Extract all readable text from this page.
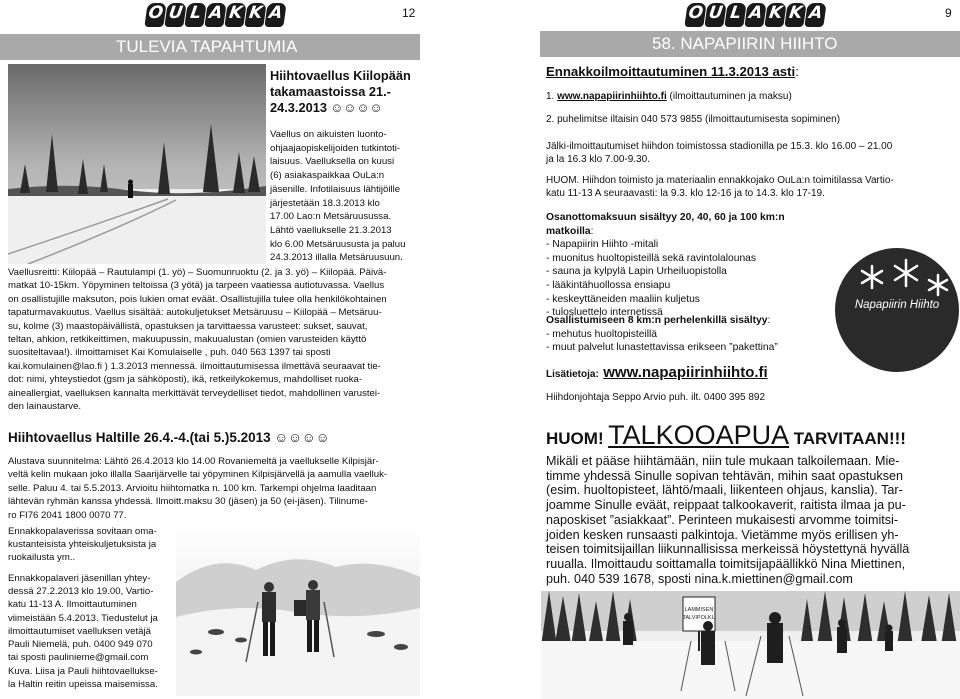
O U L A K K A	12
TULEVIA TAPAHTUMIA

Hiihtovaellus Kiilopään

takamaastoissa 21.-

24.3.2013 ☺☺☺☺

Vaellus on aikuisten luonto-

ohjaajaopiskelijoiden tutkintoti-

laisuus. Vaelluksella on kuusi

(6) asiakaspaikkaa OuLa:n

jäsenille. Infotilaisuus lähtijöille

järjestetään 18.3.2013 klo

17.00 Lao:n Metsäruusussa.

Lähtö vaellukselle 21.3.2013

klo 6.00 Metsäruususta ja paluu

24.3.2013 illalla Metsäruusuun.

Vaellusreitti: Kiilopää – Rautulampi (1. yö) – Suomunruoktu (2. ja 3. yö) – Kiilopää. Päivä-

matkat 10-15km. Yöpyminen teltoissa (3 yötä) ja tarpeen vaatiessa autiotuvassa. Vaellus

on osallistujille maksuton, pois lukien omat eväät. Osallistujilla tulee olla henkilökohtainen

tapaturmavakuutus. Vaellus sisältää: autokuljetukset Metsäruusu – Kiilopää – Metsäruu-

su, kolme (3) maastopäivällistä, opastuksen ja tarvittaessa varusteet: sukset, sauvat,

teltan, ahkion, retkikeittimen, makuupussin, makuualustan (omien varusteiden käyttö

suositeltavaa!). ilmoittamiset Kai Komulaiselle , puh. 040 563 1397 tai sposti

kai.komulainen@lao.fi ) 1.3.2013 mennessä. ilmoittautumisessa ilmettävä seuraavat tie-

dot: nimi, yhteystiedot (gsm ja sähköposti), ikä, retkeilykokemus, mahdolliset ruoka-

aineallergiat, vaelluksen kannalta merkittävät terveydelliset tiedot, mahdollinen varustei-

den lainaustarve.

Hiihtovaellus Haltille 26.4.-4.(tai 5.)5.2013 ☺☺☺☺

Alustava suunnitelma: Lähtö 26.4.2013 klo 14.00 Rovaniemeltä ja vaellukselle Kilpisjär-

veltä kelin mukaan joko illalla Saarijärvelle tai yöpyminen Kilpisjärvellä ja aamulla vaelluk-

selle. Paluu 4. tai 5.5.2013. Arvioitu hiihtomatka n. 100 km. Tarkempi ohjelma laaditaan

lähtevän ryhmän kanssa yhdessä. Ilmoitt.maksu 30 (jäsen) ja 50 (ei-jäsen). Tilinume-

ro FI76 2041 1800 0070 77.

Ennakkopalaverissa sovitaan oma-

kustanteisista yhteiskuljetuksista ja

ruokailusta ym..

Ennakkopalaveri jäsenillan yhtey-

dessä 27.2.2013 klo 19.00, Vartio-

katu 11-13 A. Ilmoittautuminen

viimeistään 5.4.2013. Tiedustelut ja

ilmoittautumiset vaelluksen vetäjä

Pauli Niemelä, puh. 0400 949 070

tai sposti paulinieme@gmail.com

Kuva. Liisa ja Pauli hiihtovaellukse-

la Haltin reitin upeissa maisemissa.

O U L A K K A	9
58. NAPAPIIRIN HIIHTO
Ennakkoilmoittautuminen 11.3.2013 asti:
1. www.napapiirinhiihto.fi (ilmoittautuminen ja maksu)
2. puhelimitse iltaisin 040 573 9855 (ilmoittautumisesta sopiminen)

Jälki-ilmoittautumiset hiihdon toimistossa stadionilla pe 15.3. klo 16.00 – 21.00

ja la 16.3 klo 7.00-9.30.

HUOM. Hiihdon toimisto ja materiaalin ennakkojako OuLa:n toimitilassa Vartio-

katu 11-13 A seuraavasti: la 9.3. klo 12-16 ja to 14.3. klo 17-19.

Osanottomaksuun sisältyy 20, 40, 60 ja 100 km:n matkoilla:

- Napapiirin Hiihto -mitali

- muonitus huoltopisteillä sekä ravintolalounas

- sauna ja kylpylä Lapin Urheiluopistolla

- lääkintähuollossa ensiapu

- keskeyttäneiden maaliin kuljetus

- tulosluettelo internetissä

Osallistumiseen 8 km:n perhelenkillä sisältyy:

- mehutus huoltopisteillä

- muut palvelut lunastettavissa erikseen ”pakettina”

Lisätietoja: www.napapiirinhiihto.fi
Hiihdonjohtaja Seppo Arvio puh. ilt. 0400 395 892
Napapiirin Hiihto
HUOM! TALKOOAPUA TARVITAAN!!!

Mikäli et pääse hiihtämään, niin tule mukaan talkoilemaan. Mie-

timme yhdessä Sinulle sopivan tehtävän, mihin saat opastuksen

(esim. huoltopisteet, lähtö/maali, liikenteen ohjaus, kanslia). Tar-

joamme Sinulle eväät, reippaat talkookaverit, raitista ilmaa ja pu-

naposkiset ”asiakkaat”. Perinteen mukaisesti arvomme toimitsi-

joiden kesken runsaasti palkintoja. Vietämme myös erillisen yh-

teisen toimitsijaillan liikunnallisissa merkeissä höystettynä hyvällä

ruualla. Ilmoittaudu soittamalla toimitsijapäällikkö Nina Miettinen,

puh. 040 539 1678, sposti nina.k.miettinen@gmail.com

LAMMISEN
TALVIPOLKU
